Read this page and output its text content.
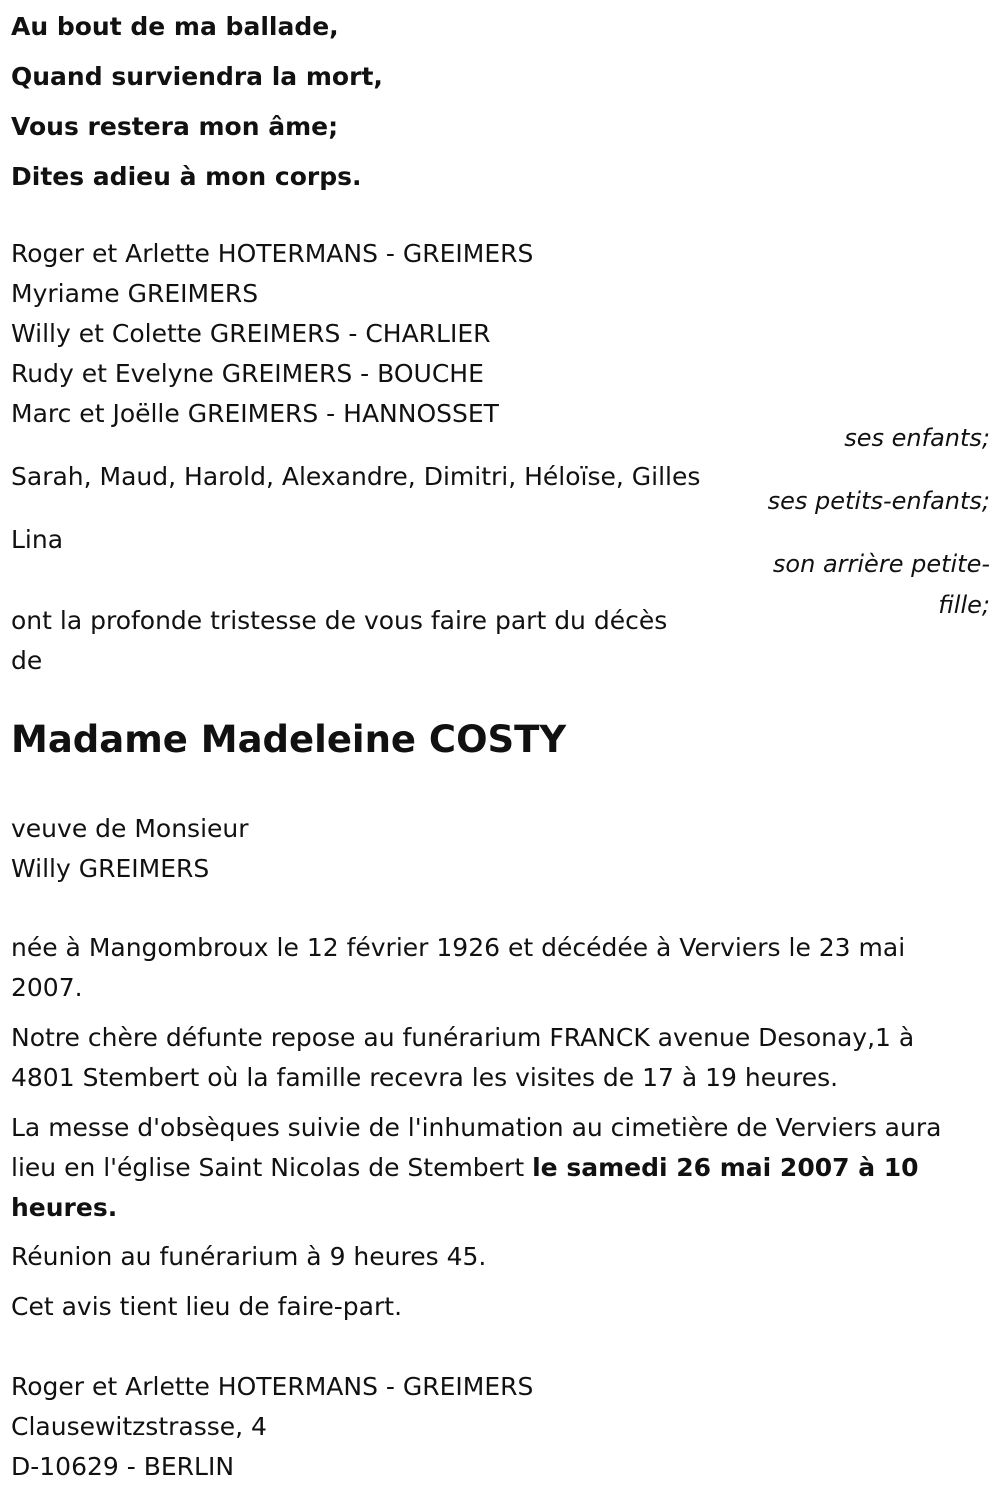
Au bout de ma ballade,

Quand surviendra la mort,

Vous restera mon âme;

Dites adieu à mon corps.

Roger et Arlette HOTERMANS - GREIMERS
Myriame GREIMERS
Willy et Colette GREIMERS - CHARLIER
Rudy et Evelyne GREIMERS - BOUCHE
Marc et Joëlle GREIMERS - HANNOSSET
ses enfants;
Sarah, Maud, Harold, Alexandre, Dimitri, Héloïse, Gilles
ses petits-enfants;
Lina
son arrière petite-
fille;
ont la profonde tristesse de vous faire part du décès
de
Madame Madeleine COSTY
veuve de Monsieur
Willy GREIMERS
née à Mangombroux le 12 février 1926 et décédée à Verviers le 23 mai 2007.
Notre chère défunte repose au funérarium FRANCK avenue Desonay,1 à 4801 Stembert où la famille recevra les visites de 17 à 19 heures.
La messe d'obsèques suivie de l'inhumation au cimetière de Verviers aura lieu en l'église Saint Nicolas de Stembert le samedi 26 mai 2007 à 10 heures.
Réunion au funérarium à 9 heures 45.
Cet avis tient lieu de faire-part.
Roger et Arlette HOTERMANS - GREIMERS
Clausewitzstrasse, 4
D-10629 - BERLIN
